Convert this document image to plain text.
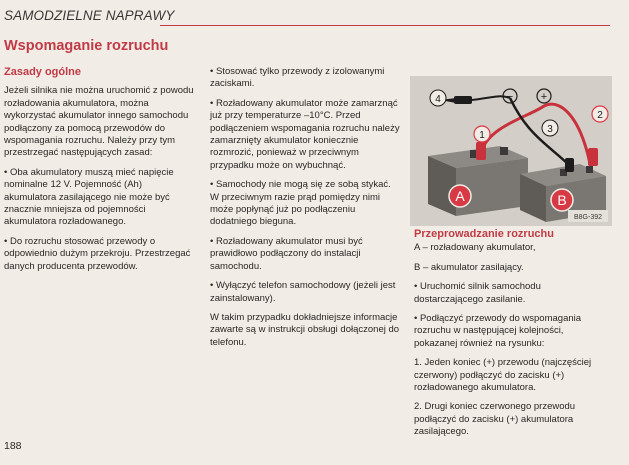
SAMODZIELNE NAPRAWY
Wspomaganie rozruchu

Zasady ogólne

Jeżeli silnika nie można uruchomić z powodu rozładowania akumulatora, można wykorzystać akumulator innego samochodu podłączony za pomocą przewodów do wspomagania rozruchu. Należy przy tym przestrzegać następujących zasad:

• Oba akumulatory muszą mieć napięcie nominalne 12 V. Pojemność (Ah) akumulatora zasilającego nie może być znacznie mniejsza od pojemności akumulatora rozładowanego.

• Do rozruchu stosować przewody o odpowiednio dużym przekroju. Przestrzegać danych producenta przewodów.

• Stosować tylko przewody z izolowanymi zaciskami.

• Rozładowany akumulator może zamarznąć już przy temperaturze –10°C. Przed podłączeniem wspomagania rozruchu należy zamarznięty akumulator koniecznie rozmrozić, ponieważ w przeciwnym przypadku może on wybuchnąć.

• Samochody nie mogą się ze sobą stykać. W przeciwnym razie prąd pomiędzy nimi może popłynąć już po podłączeniu dodatniego bieguna.

• Rozładowany akumulator musi być prawidłowo podłączony do instalacji samochodu.

• Wyłączyć telefon samochodowy (jeżeli jest zainstalowany).

W takim przypadku dokładniejsze informacje zawarte są w instrukcji obsługi dołączonej do telefonu.

+
−
4
1
3
2
A	B
B8G-392

Przeprowadzanie rozruchu

A – rozładowany akumulator,

B – akumulator zasilający.

• Uruchomić silnik samochodu dostarczającego zasilanie.

• Podłączyć przewody do wspomagania rozruchu w następującej kolejności, pokazanej również na rysunku:

1. Jeden koniec (+) przewodu (najczęściej czerwony) podłączyć do zacisku (+) rozładowanego akumulatora.

2. Drugi koniec czerwonego przewodu podłączyć do zacisku (+) akumulatora zasilającego.

188
